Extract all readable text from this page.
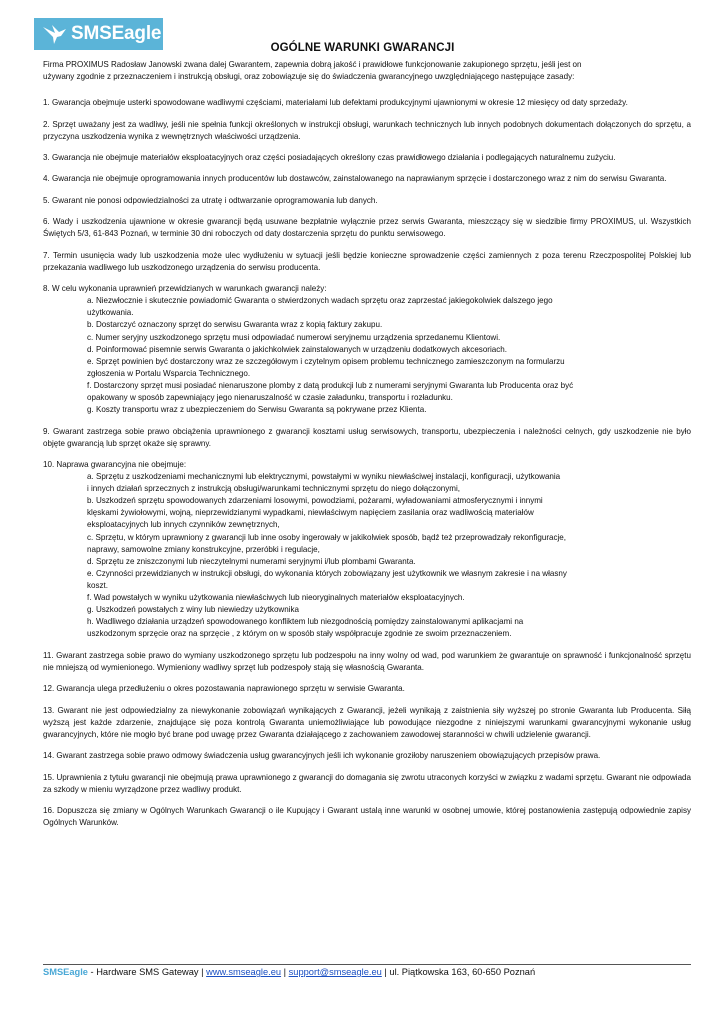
SMSEagle
OGÓLNE WARUNKI GWARANCJI

Firma PROXIMUS Radosław Janowski zwana dalej Gwarantem, zapewnia dobrą jakość i prawidłowe funkcjonowanie zakupionego sprzętu, jeśli jest on

używany zgodnie z przeznaczeniem i instrukcją obsługi, oraz zobowiązuje się do świadczenia gwarancyjnego uwzględniającego następujące zasady:

1. Gwarancja obejmuje usterki spowodowane wadliwymi częściami, materiałami lub defektami produkcyjnymi ujawnionymi w okresie 12 miesięcy od daty sprzedaży.

2. Sprzęt uważany jest za wadliwy, jeśli nie spełnia funkcji określonych w instrukcji obsługi, warunkach technicznych lub innych podobnych dokumentach dołączonych do sprzętu, a przyczyna uszkodzenia wynika z wewnętrznych właściwości urządzenia.

3. Gwarancja nie obejmuje materiałów eksploatacyjnych oraz części posiadających określony czas prawidłowego działania i podlegających naturalnemu zużyciu.

4. Gwarancja nie obejmuje oprogramowania innych producentów lub dostawców, zainstalowanego na naprawianym sprzęcie i dostarczonego wraz z nim do serwisu Gwaranta.

5. Gwarant nie ponosi odpowiedzialności za utratę i odtwarzanie oprogramowania lub danych.

6. Wady i uszkodzenia ujawnione w okresie gwarancji będą usuwane bezpłatnie wyłącznie przez serwis Gwaranta, mieszczący się w siedzibie firmy PROXIMUS, ul. Wszystkich Świętych 5/3, 61-843 Poznań, w terminie 30 dni roboczych od daty dostarczenia sprzętu do punktu serwisowego.

7. Termin usunięcia wady lub uszkodzenia może ulec wydłużeniu w sytuacji jeśli będzie konieczne sprowadzenie części zamiennych z poza terenu Rzeczpospolitej Polskiej lub przekazania wadliwego lub uszkodzonego urządzenia do serwisu producenta.

8. W celu wykonania uprawnień przewidzianych w warunkach gwarancji należy:

a. Niezwłocznie i skutecznie powiadomić Gwaranta o stwierdzonych wadach sprzętu oraz zaprzestać jakiegokolwiek dalszego jego

użytkowania.

b. Dostarczyć oznaczony sprzęt do serwisu Gwaranta wraz z kopią faktury zakupu.

c. Numer seryjny uszkodzonego sprzętu musi odpowiadać numerowi seryjnemu urządzenia sprzedanemu Klientowi.

d. Poinformować pisemnie serwis Gwaranta o jakichkolwiek zainstalowanych w urządzeniu dodatkowych akcesoriach.

e. Sprzęt powinien być dostarczony wraz ze szczegółowym i czytelnym opisem problemu technicznego zamieszczonym na formularzu

zgłoszenia w Portalu Wsparcia Technicznego.

f. Dostarczony sprzęt musi posiadać nienaruszone plomby z datą produkcji lub z numerami seryjnymi Gwaranta lub Producenta oraz być

opakowany w sposób zapewniający jego nienaruszalność w czasie załadunku, transportu i rozładunku.

g. Koszty transportu wraz z ubezpieczeniem do Serwisu Gwaranta są pokrywane przez Klienta.

9. Gwarant zastrzega sobie prawo obciążenia uprawnionego z gwarancji kosztami usług serwisowych, transportu, ubezpieczenia i należności celnych, gdy uszkodzenie nie było objęte gwarancją lub sprzęt okaże się sprawny.

10. Naprawa gwarancyjna nie obejmuje:

a. Sprzętu z uszkodzeniami mechanicznymi lub elektrycznymi, powstałymi w wyniku niewłaściwej instalacji, konfiguracji, użytkowania

i innych działań sprzecznych z instrukcją obsługi/warunkami technicznymi sprzętu do niego dołączonymi,

b. Uszkodzeń sprzętu spowodowanych zdarzeniami losowymi, powodziami, pożarami, wyładowaniami atmosferycznymi i innymi

klęskami żywiołowymi, wojną, nieprzewidzianymi wypadkami, niewłaściwym napięciem zasilania oraz wadliwością materiałów

eksploatacyjnych lub innych czynników zewnętrznych,

c. Sprzętu, w którym uprawniony z gwarancji lub inne osoby ingerowały w jakikolwiek sposób, bądź też przeprowadzały rekonfiguracje,

naprawy, samowolne zmiany konstrukcyjne, przeróbki i regulacje,

d. Sprzętu ze zniszczonymi lub nieczytelnymi numerami seryjnymi i/lub plombami Gwaranta.

e. Czynności przewidzianych w instrukcji obsługi, do wykonania których zobowiązany jest użytkownik we własnym zakresie i na własny

koszt.

f. Wad powstałych w wyniku użytkowania niewłaściwych lub nieoryginalnych materiałów eksploatacyjnych.

g. Uszkodzeń powstałych z winy lub niewiedzy użytkownika

h. Wadliwego działania urządzeń spowodowanego konfliktem lub niezgodnością pomiędzy zainstalowanymi aplikacjami na

uszkodzonym sprzęcie oraz na sprzęcie , z którym on w sposób stały współpracuje zgodnie ze swoim przeznaczeniem.

11. Gwarant zastrzega sobie prawo do wymiany uszkodzonego sprzętu lub podzespołu na inny wolny od wad, pod warunkiem że gwarantuje on sprawność i funkcjonalność sprzętu nie mniejszą od wymienionego. Wymieniony wadliwy sprzęt lub podzespoły stają się własnością Gwaranta.

12. Gwarancja ulega przedłużeniu o okres pozostawania naprawionego sprzętu w serwisie Gwaranta.

13. Gwarant nie jest odpowiedzialny za niewykonanie zobowiązań wynikających z Gwarancji, jeżeli wynikają z zaistnienia siły wyższej po stronie Gwaranta lub Producenta. Siłą wyższą jest każde zdarzenie, znajdujące się poza kontrolą Gwaranta uniemożliwiające lub powodujące niezgodne z niniejszymi warunkami gwarancyjnymi wykonanie usług gwarancyjnych, które nie mogło być brane pod uwagę przez Gwaranta działającego z zachowaniem zawodowej staranności w chwili udzielenie gwarancji.

14. Gwarant zastrzega sobie prawo odmowy świadczenia usług gwarancyjnych jeśli ich wykonanie groziłoby naruszeniem obowiązujących przepisów prawa.

15. Uprawnienia z tytułu gwarancji nie obejmują prawa uprawnionego z gwarancji do domagania się zwrotu utraconych korzyści w związku z wadami sprzętu. Gwarant nie odpowiada za szkody w mieniu wyrządzone przez wadliwy produkt.

16. Dopuszcza się zmiany w Ogólnych Warunkach Gwarancji o ile Kupujący i Gwarant ustalą inne warunki w osobnej umowie, której postanowienia zastępują odpowiednie zapisy Ogólnych Warunków.

SMSEagle - Hardware SMS Gateway | www.smseagle.eu | support@smseagle.eu | ul. Piątkowska 163, 60-650 Poznań
